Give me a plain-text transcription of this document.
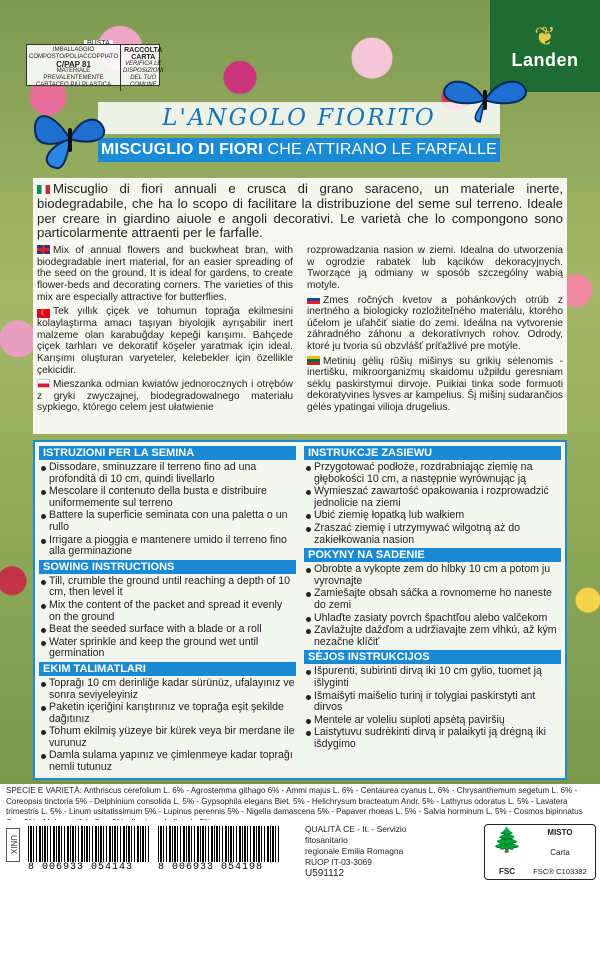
❦
Landen
IMBALLAGGIO
COMPOSTO/POLIACCOPPIATO
C/PAP 81
MATERIALE PREVALENTEMENTE
CARTACEO PIÙ PLASTICA
RACCOLTA CARTA
VERIFICA LE DISPOSIZIONI
DEL TUO COMUNE
L'ANGOLO FIORITO
MISCUGLIO DI FIORI CHE ATTIRANO LE FARFALLE

Miscuglio di fiori annuali e crusca di grano saraceno, un materiale inerte, biodegradabile, che ha lo scopo di facilitare la distribuzione del seme sul terreno. Ideale per creare in giardino aiuole e angoli decorativi. Le varietà che lo compongono sono particolarmente attraenti per le farfalle.

Mix of annual flowers and buckwheat bran, with biodegradable inert material, for an easier spreading of the seed on the ground. It is ideal for gardens, to create flower-beds and decorating corners. The varieties of this mix are especially attractive for butterflies.

☾ Tek yıllık çiçek ve tohumun toprağa ekilmesini kolaylaştırma amacı taşıyan biyolojik ayrışabilir inert malzeme olan karabuğday kepeği karışımı. Bahçede çiçek tarhları ve dekoratif köşeler yaratmak için ideal. Karışımı oluşturan varyeteler, kelebekler için özellikle çekicidir.

Mieszanka odmian kwiatów jednorocznych i otrębów z gryki zwyczajnej, biodegradowalnego materiału sypkiego, którego celem jest ułatwienie

rozprowadzania nasion w ziemi. Idealna do utworzenia w ogrodzie rabatek lub kącików dekoracyjnych. Tworzące ją odmiany w sposób szczególny wabią motyle.

Zmes ročných kvetov a pohánkových otrúb z inertného a biologicky rozložiteľného materiálu, ktorého účelom je uľahčiť siatie do zemi. Ideálna na vytvorenie záhradného záhonu a dekoratívnych rohov. Odrody, ktoré ju tvoria sú obzvlášť príťažlivé pre motýle.

Metinių gėlių rūšių mišinys su grikių sėlenomis - inertišku, mikroorganizmų skaidomu užpildu geresniam sėklų paskirstymui dirvoje. Puikiai tinka sode formuoti dekoratyvines lysves ar kampelius. Šį mišinį sudarančios gėlės ypatingai vilioja drugelius.

ISTRUZIONI PER LA SEMINA
Dissodare, sminuzzare il terreno fino ad una profondità di 10 cm, quindi livellarlo
Mescolare il contenuto della busta e distribuire uniformemente sul terreno
Battere la superficie seminata con una paletta o un rullo
Irrigare a pioggia e mantenere umido il terreno fino alla germinazione
SOWING INSTRUCTIONS
Till, crumble the ground until reaching a depth of 10 cm, then level it
Mix the content of the packet and spread it evenly on the ground
Beat the seeded surface with a blade or a roll
Water sprinkle and keep the ground wet until germination
EKIM TALIMATLARI
Toprağı 10 cm derinliğe kadar sürünüz, ufalayınız ve sonra seviyeleyiniz
Paketin içeriğini karıştırınız ve toprağa eşit şekilde dağıtınız
Tohum ekilmiş yüzeye bir kürek veya bir merdane ile vurunuz
Damla sulama yapınız ve çimlenmeye kadar toprağı nemli tutunuz
INSTRUKCJE ZASIEWU
Przygotować podłoże, rozdrabniając ziemię na głębokości 10 cm, a następnie wyrównując ją
Wymieszać zawartość opakowania i rozprowadzić jednolicie na ziemi
Ubić ziemię łopatką lub wałkiem
Zraszać ziemię i utrzymywać wilgotną aż do zakiełkowania nasion
POKYNY NA SADENIE
Obrobte a vykopte zem do hĺbky 10 cm a potom ju vyrovnajte
Zamiešajte obsah sáčka a rovnomerne ho naneste do zemi
Uhlaďte zasiaty povrch špachtľou alebo valčekom
Zavlažujte dažďom a udržiavajte zem vlhkú, až kým nezačne klíčiť
SĖJOS INSTRUKCIJOS
Išpurenti, subirinti dirvą iki 10 cm gylio, tuomet ją išlyginti
Išmaišyti maišelio turinį ir tolygiai paskirstyti ant dirvos
Mentele ar voleliu suploti apsėtą paviršių
Laistytuvu sudrėkinti dirvą ir palaikyti ją drėgną iki išdygimo
SPECIE E VARIETÀ: Anthriscus cerefolium L. 6% - Agrostemma githago 6% - Ammi majus L. 6% - Centaurea cyanus L. 6% - Chrysanthemum segetum L. 6% - Coreopsis tinctoria 5% - Delphinium consolida L. 5% - Gypsophila elegans Biet. 5% - Helichrysum bracteatum Andr. 5% - Lathyrus odoratus L. 5% - Lavatera trimestris L. 5% - Linum usitatissimum 5% - Lupinus perennis 5% - Nigella damascena 5% - Papaver rhoeas L. 5% - Salvia horminum L. 5% - Cosmos bipinnatus
UNIX
8 006933 054143	8 006933 054198
QUALITÀ CE - It. - Servizio fitosanitario
regionale Emilia Romagna
RUOP IT-03-3069
U591112
🌲
FSC
MISTO
Carta
FSC® C103382
